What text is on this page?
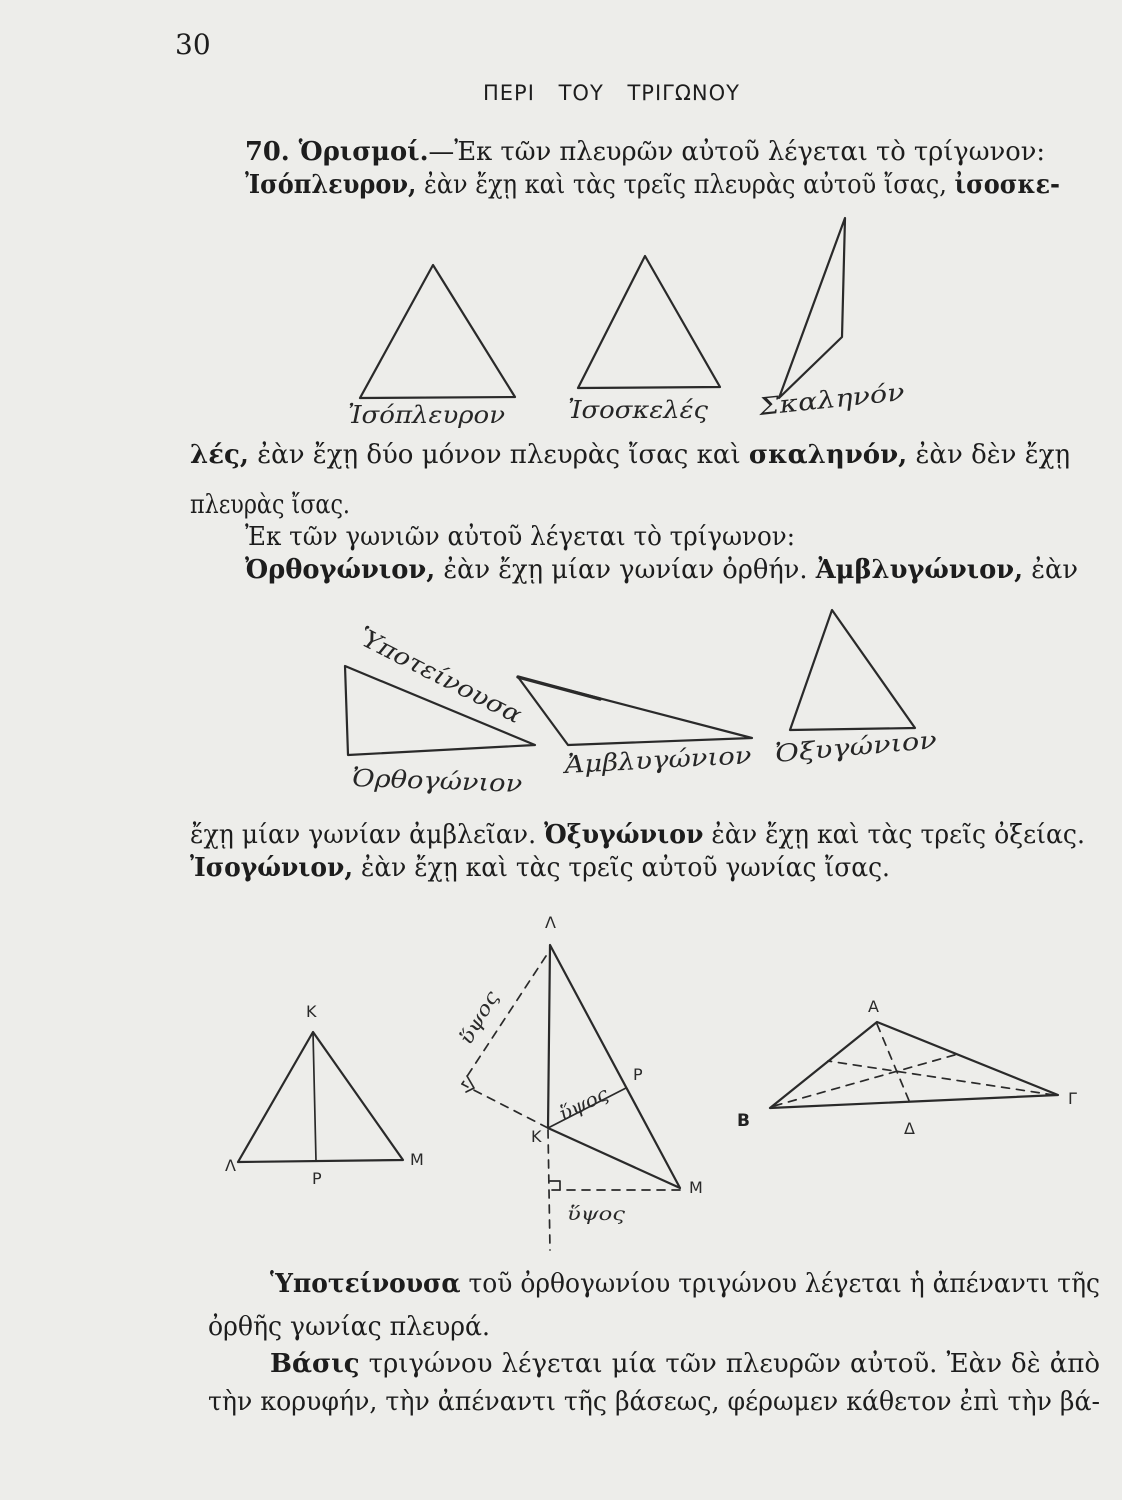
Ἰσόπλευρον	Ἰσοσκελές Σκαληνόν
Ὑποτείνουσα
Ὀρθογώνιον
Ἀμβλυγώνιον	Ὀξυγώνιον
Κ
Λ	Μ
Ρ
Λ
Κ
Μ
Ρ
ὕψος
ὕψος
ὕψος
Α
Β
Γ
Δ
30
ΠΕΡΙ ΤΟΥ ΤΡΙΓΩΝΟΥ
70. Ὁρισμοί.—Ἐκ τῶν πλευρῶν αὐτοῦ λέγεται τὸ τρίγωνον:
Ἰσόπλευρον, ἐὰν ἔχῃ καὶ τὰς τρεῖς πλευρὰς αὐτοῦ ἴσας, ἰσοσκε-
λές, ἐὰν ἔχῃ δύο μόνον πλευρὰς ἴσας καὶ σκαληνόν, ἐὰν δὲν ἔχῃ
πλευρὰς ἴσας.
Ἐκ τῶν γωνιῶν αὐτοῦ λέγεται τὸ τρίγωνον:
Ὀρθογώνιον, ἐὰν ἔχῃ μίαν γωνίαν ὀρθήν. Ἀμβλυγώνιον, ἐὰν
ἔχῃ μίαν γωνίαν ἀμβλεῖαν. Ὀξυγώνιον ἐὰν ἔχῃ καὶ τὰς τρεῖς ὀξείας.
Ἰσογώνιον, ἐὰν ἔχῃ καὶ τὰς τρεῖς αὐτοῦ γωνίας ἴσας.
Ὑποτείνουσα τοῦ ὀρθογωνίου τριγώνου λέγεται ἡ ἀπέναντι τῆς
ὀρθῆς γωνίας πλευρά.
Βάσις τριγώνου λέγεται μία τῶν πλευρῶν αὐτοῦ. Ἐὰν δὲ ἀπὸ
τὴν κορυφήν, τὴν ἀπέναντι τῆς βάσεως, φέρωμεν κάθετον ἐπὶ τὴν βά-
